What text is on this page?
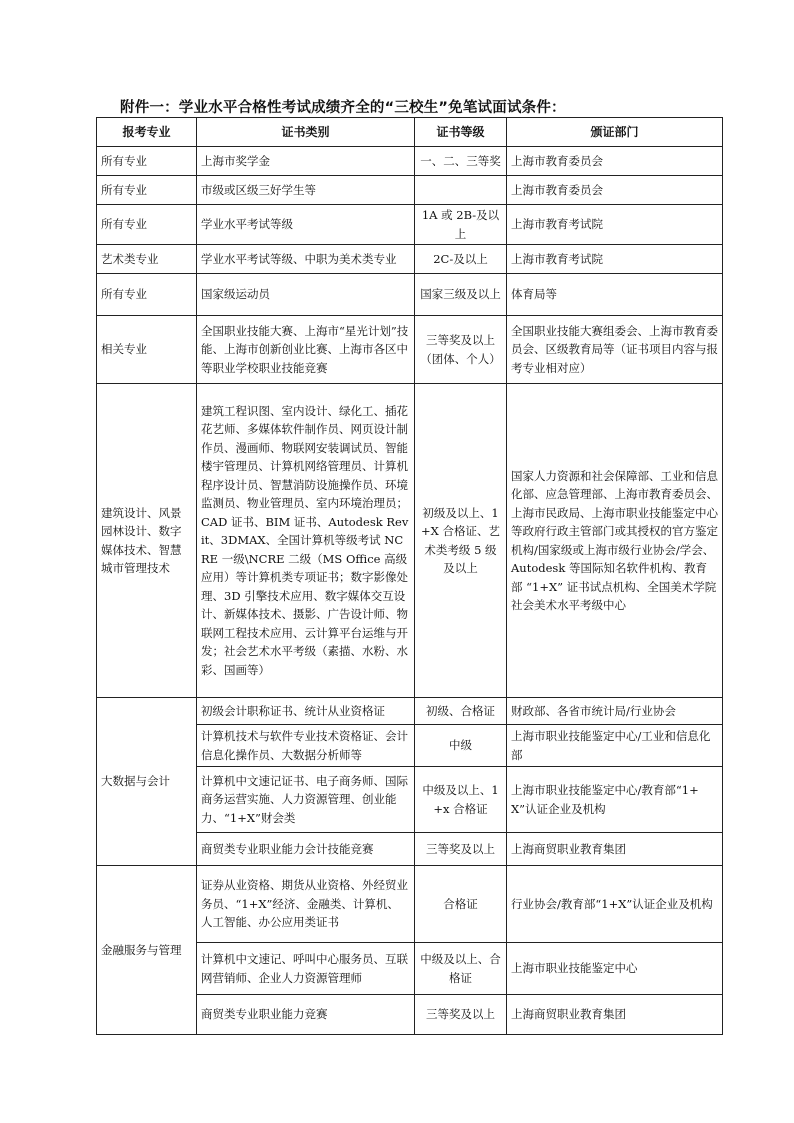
附件一：学业水平合格性考试成绩齐全的“三校生”免笔试面试条件：
报考专业	证书类别	证书等级	颁证部门
所有专业	上海市奖学金	一、二、三等奖	上海市教育委员会
所有专业	市级或区级三好学生等		上海市教育委员会
所有专业	学业水平考试等级	1A 或 2B-及以上	上海市教育考试院
艺术类专业	学业水平考试等级、中职为美术类专业	2C-及以上	上海市教育考试院
所有专业	国家级运动员	国家三级及以上	体育局等
相关专业	全国职业技能大赛、上海市“星光计划”技能、上海市创新创业比赛、上海市各区中等职业学校职业技能竞赛	三等奖及以上（团体、个人）	全国职业技能大赛组委会、上海市教育委员会、区级教育局等（证书项目内容与报考专业相对应）
建筑设计、风景园林设计、数字媒体技术、智慧城市管理技术	建筑工程识图、室内设计、绿化工、插花花艺师、多媒体软件制作员、网页设计制作员、漫画师、物联网安装调试员、智能楼宇管理员、计算机网络管理员、计算机程序设计员、智慧消防设施操作员、环境监测员、物业管理员、室内环境治理员；CAD 证书、BIM 证书、Autodesk Revit、3DMAX、全国计算机等级考试 NCRE 一级\NCRE 二级（MS Office 高级应用）等计算机类专项证书；数字影像处理、3D 引擎技术应用、数字媒体交互设计、新媒体技术、摄影、广告设计师、物联网工程技术应用、云计算平台运维与开发；社会艺术水平考级（素描、水粉、水彩、国画等）	初级及以上、1+X 合格证、艺术类考级 5 级及以上	国家人力资源和社会保障部、工业和信息化部、应急管理部、上海市教育委员会、上海市民政局、上海市职业技能鉴定中心等政府行政主管部门或其授权的官方鉴定机构/国家级或上海市级行业协会/学会、Autodesk 等国际知名软件机构、教育部 “1+X” 证书试点机构、全国美术学院社会美术水平考级中心
大数据与会计	初级会计职称证书、统计从业资格证	初级、合格证	财政部、各省市统计局/行业协会
	计算机技术与软件专业技术资格证、会计信息化操作员、大数据分析师等	中级	上海市职业技能鉴定中心/工业和信息化部
	计算机中文速记证书、电子商务师、国际商务运营实施、人力资源管理、创业能力、“1+X”财会类	中级及以上、1+x 合格证	上海市职业技能鉴定中心/教育部“1+X”认证企业及机构
	商贸类专业职业能力会计技能竞赛	三等奖及以上	上海商贸职业教育集团
金融服务与管理	证券从业资格、期货从业资格、外经贸业务员、“1+X”经济、金融类、计算机、人工智能、办公应用类证书	合格证	行业协会/教育部“1+X”认证企业及机构
	计算机中文速记、呼叫中心服务员、互联网营销师、企业人力资源管理师	中级及以上、合格证	上海市职业技能鉴定中心
	商贸类专业职业能力竞赛	三等奖及以上	上海商贸职业教育集团
